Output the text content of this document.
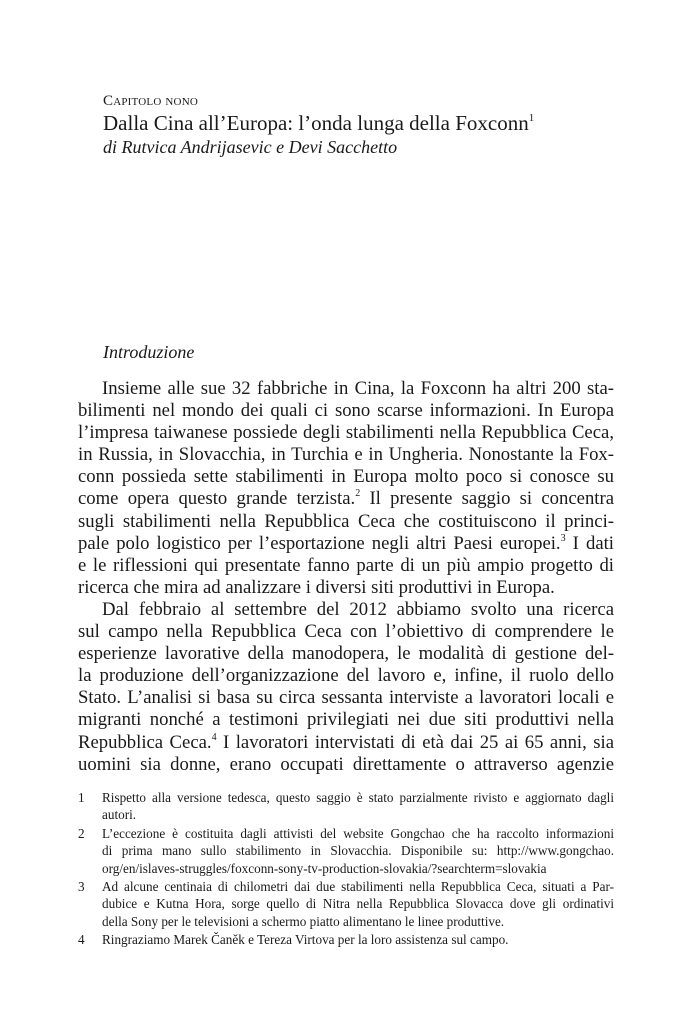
Capitolo nono
Dalla Cina all’Europa: l’onda lunga della Foxconn$^1$
di Rutvica Andrijasevic e Devi Sacchetto
Introduzione
Insieme alle sue 32 fabbriche in Cina, la Foxconn ha altri 200 sta-
bilimenti nel mondo dei quali ci sono scarse informazioni. In Europa
l’impresa taiwanese possiede degli stabilimenti nella Repubblica Ceca,
in Russia, in Slovacchia, in Turchia e in Ungheria. Nonostante la Fox-
conn possieda sette stabilimenti in Europa molto poco si conosce su
come opera questo grande terzista.$^2$ Il presente saggio si concentra
sugli stabilimenti nella Repubblica Ceca che costituiscono il princi-
pale polo logistico per l’esportazione negli altri Paesi europei.$^3$ I dati
e le riflessioni qui presentate fanno parte di un più ampio progetto di
ricerca che mira ad analizzare i diversi siti produttivi in Europa.
Dal febbraio al settembre del 2012 abbiamo svolto una ricerca
sul campo nella Repubblica Ceca con l’obiettivo di comprendere le
esperienze lavorative della manodopera, le modalità di gestione del-
la produzione dell’organizzazione del lavoro e, infine, il ruolo dello
Stato. L’analisi si basa su circa sessanta interviste a lavoratori locali e
migranti nonché a testimoni privilegiati nei due siti produttivi nella
Repubblica Ceca.$^4$ I lavoratori intervistati di età dai 25 ai 65 anni, sia
uomini sia donne, erano occupati direttamente o attraverso agenzie
1	Rispetto alla versione tedesca, questo saggio è stato parzialmente rivisto e aggiornato dagli
autori.
2	L’eccezione è costituita dagli attivisti del website Gongchao che ha raccolto informazioni
di prima mano sullo stabilimento in Slovacchia. Disponibile su: http://www.gongchao.
org/en/islaves-struggles/foxconn-sony-tv-production-slovakia/?searchterm=slovakia
3	Ad alcune centinaia di chilometri dai due stabilimenti nella Repubblica Ceca, situati a Par-
dubice e Kutna Hora, sorge quello di Nitra nella Repubblica Slovacca dove gli ordinativi
della Sony per le televisioni a schermo piatto alimentano le linee produttive.
4	Ringraziamo Marek Čaněk e Tereza Virtova per la loro assistenza sul campo.
